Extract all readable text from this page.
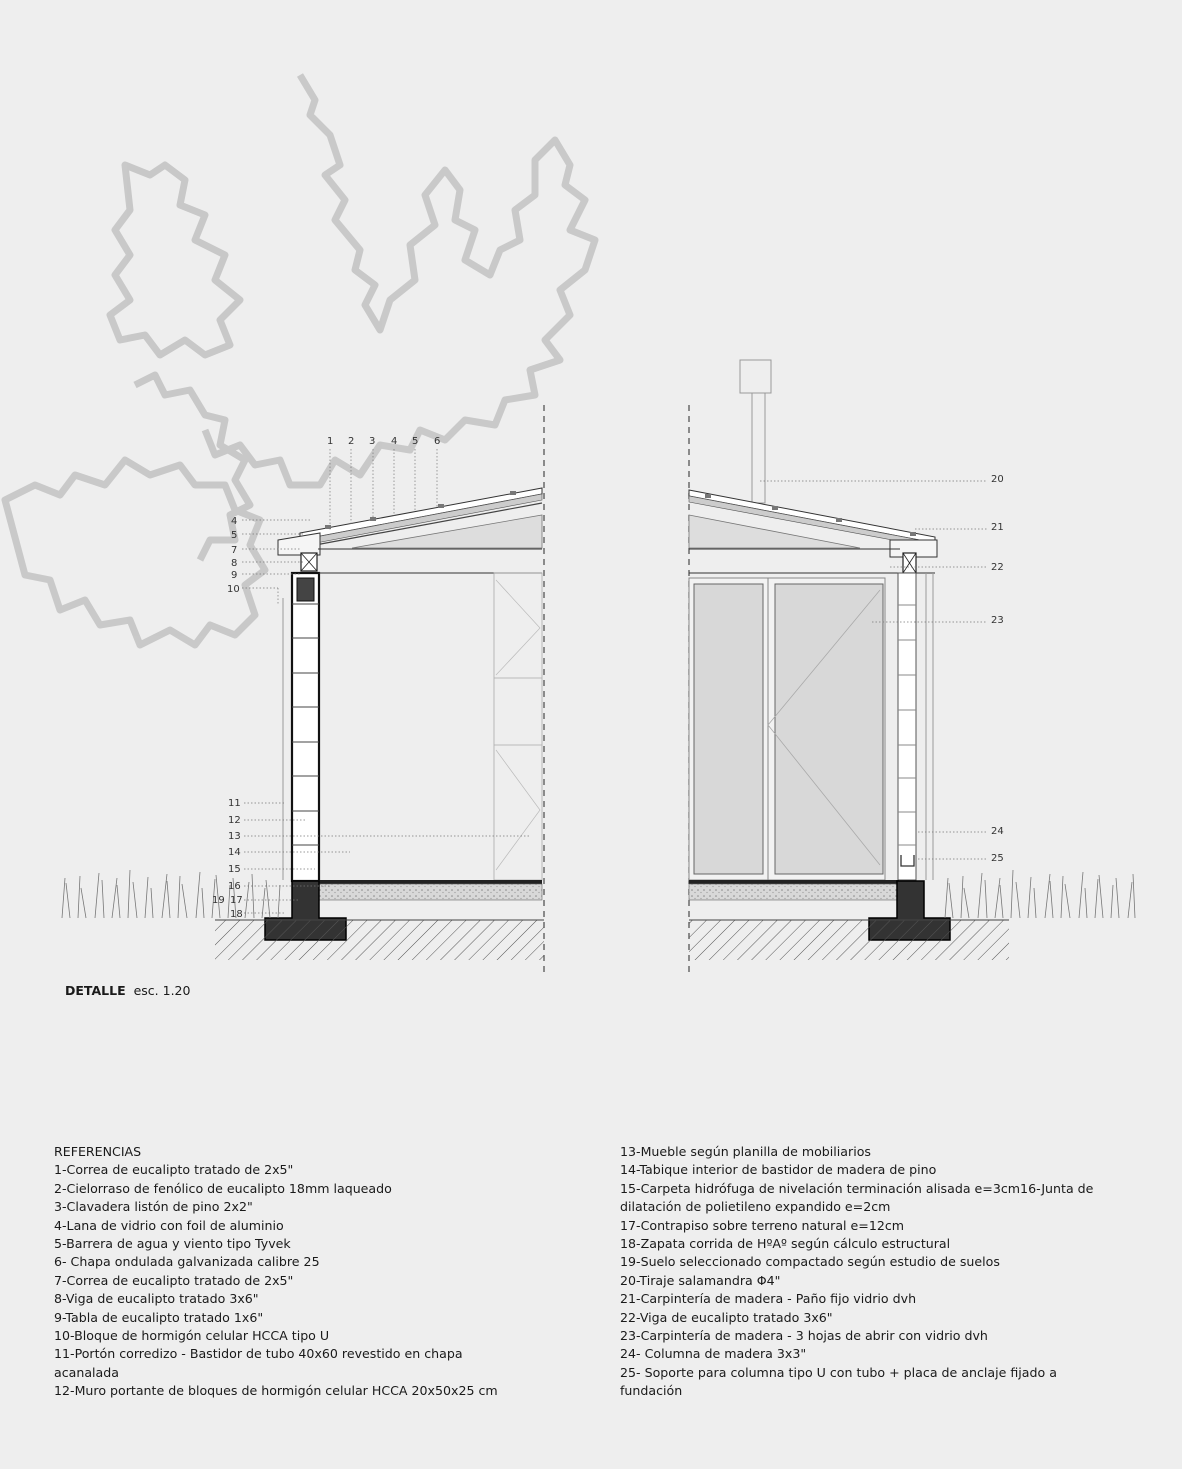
1 2 3 4 5 6
4
5
7
8
9
10
11
12
13
14
15
16
19 17
18
20
21
22
23
24
25
DETALLE esc. 1.20
REFERENCIAS
1-Correa de eucalipto tratado de 2x5"
2-Cielorraso de fenólico de eucalipto 18mm laqueado
3-Clavadera listón de pino 2x2"
4-Lana de vidrio con foil de aluminio
5-Barrera de agua y viento tipo Tyvek
6- Chapa ondulada galvanizada calibre 25
7-Correa de eucalipto tratado de 2x5"
8-Viga de eucalipto tratado 3x6"
9-Tabla de eucalipto tratado 1x6"
10-Bloque de hormigón celular HCCA tipo U
11-Portón corredizo - Bastidor de tubo 40x60 revestido en chapa acanalada
12-Muro portante de bloques de hormigón celular HCCA 20x50x25 cm
13-Mueble según planilla de mobiliarios
14-Tabique interior de bastidor de madera de pino
15-Carpeta hidrófuga de nivelación terminación alisada e=3cm16-Junta de dilatación de polietileno expandido e=2cm
17-Contrapiso sobre terreno natural e=12cm
18-Zapata corrida de HºAº según cálculo estructural
19-Suelo seleccionado compactado según estudio de suelos
20-Tiraje salamandra Φ4"
21-Carpintería de madera - Paño fijo vidrio dvh
22-Viga de eucalipto tratado 3x6"
23-Carpintería de madera - 3 hojas de abrir con vidrio dvh
24- Columna de madera 3x3"
25- Soporte para columna tipo U con tubo + placa de anclaje fijado a fundación
